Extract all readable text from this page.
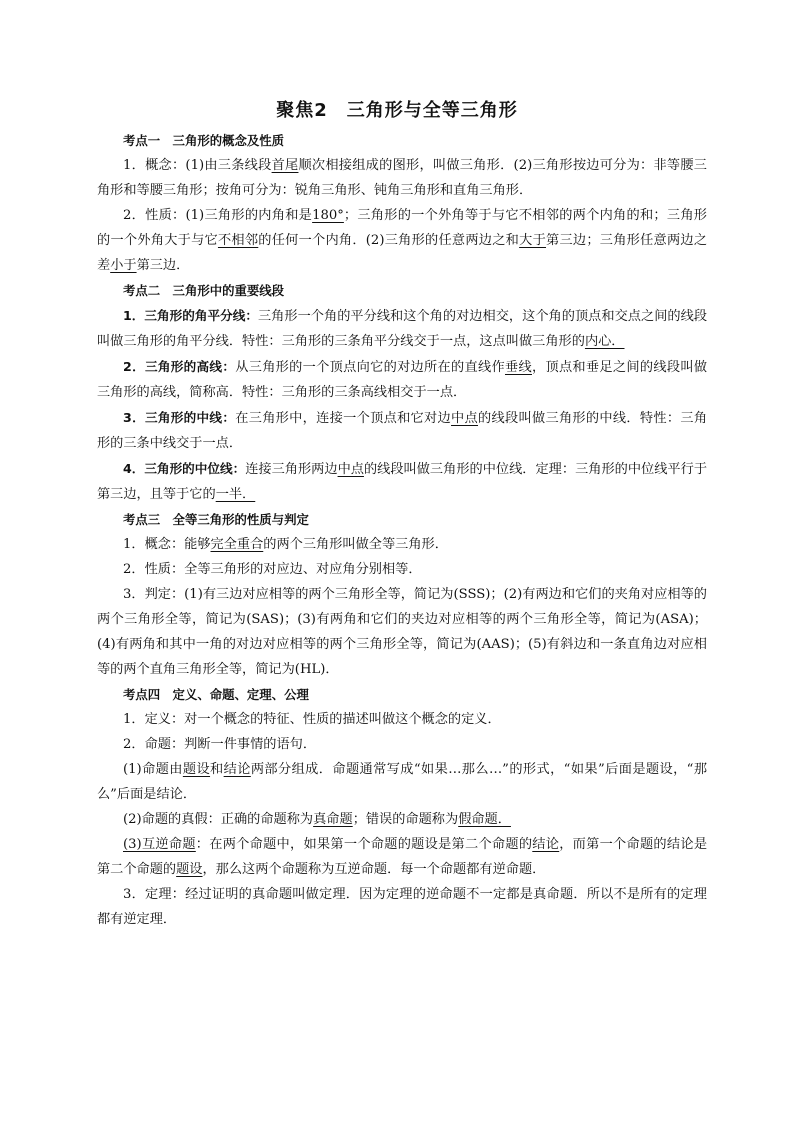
聚焦2　三角形与全等三角形

考点一　三角形的概念及性质

1．概念：(1)由三条线段首尾顺次相接组成的图形，叫做三角形．(2)三角形按边可分为：非等腰三角形和等腰三角形；按角可分为：锐角三角形、钝角三角形和直角三角形．

2．性质：(1)三角形的内角和是180°；三角形的一个外角等于与它不相邻的两个内角的和；三角形的一个外角大于与它不相邻的任何一个内角．(2)三角形的任意两边之和大于第三边；三角形任意两边之差小于第三边．

考点二　三角形中的重要线段

1．三角形的角平分线：三角形一个角的平分线和这个角的对边相交，这个角的顶点和交点之间的线段叫做三角形的角平分线．特性：三角形的三条角平分线交于一点，这点叫做三角形的内心．

2．三角形的高线：从三角形的一个顶点向它的对边所在的直线作垂线，顶点和垂足之间的线段叫做三角形的高线，简称高．特性：三角形的三条高线相交于一点．

3．三角形的中线：在三角形中，连接一个顶点和它对边中点的线段叫做三角形的中线．特性：三角形的三条中线交于一点．

4．三角形的中位线：连接三角形两边中点的线段叫做三角形的中位线．定理：三角形的中位线平行于第三边，且等于它的一半．

考点三　全等三角形的性质与判定

1．概念：能够完全重合的两个三角形叫做全等三角形．

2．性质：全等三角形的对应边、对应角分别相等．

3．判定：(1)有三边对应相等的两个三角形全等，简记为(SSS)；(2)有两边和它们的夹角对应相等的两个三角形全等，简记为(SAS)；(3)有两角和它们的夹边对应相等的两个三角形全等，简记为(ASA)；(4)有两角和其中一角的对边对应相等的两个三角形全等，简记为(AAS)；(5)有斜边和一条直角边对应相等的两个直角三角形全等，简记为(HL)．

考点四　定义、命题、定理、公理

1．定义：对一个概念的特征、性质的描述叫做这个概念的定义．

2．命题：判断一件事情的语句．

(1)命题由题设和结论两部分组成．命题通常写成“如果…那么…”的形式，“如果”后面是题设，“那么”后面是结论．

(2)命题的真假：正确的命题称为真命题；错误的命题称为假命题．

(3)互逆命题：在两个命题中，如果第一个命题的题设是第二个命题的结论，而第一个命题的结论是第二个命题的题设，那么这两个命题称为互逆命题．每一个命题都有逆命题．

3．定理：经过证明的真命题叫做定理．因为定理的逆命题不一定都是真命题．所以不是所有的定理都有逆定理．
